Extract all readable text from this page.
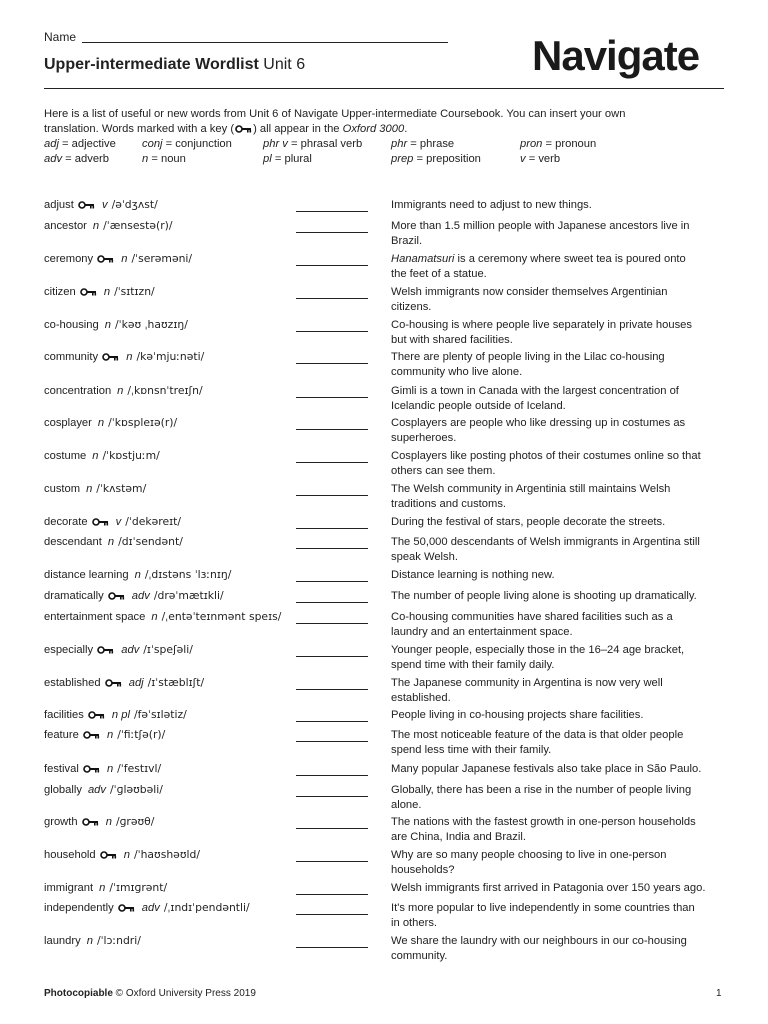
Name
Upper-intermediate Wordlist Unit 6	Navigate
Here is a list of useful or new words from Unit 6 of Navigate Upper-intermediate Coursebook. You can insert your own
translation. Words marked with a key ( ) all appear in the Oxford 3000.
adj = adjective conj = conjunction	phr v = phrasal verb	phr = phrase	pron = pronoun
adv = adverb	n = noun	pl = plural	prep = preposition	v = verb
adjust	v /əˈdʒʌst/	Immigrants need to adjust to new things.
ancestor n /ˈænsestə(r)/	More than 1.5 million people with Japanese ancestors live in
Brazil.
ceremony	n /ˈserəməni/	Hanamatsuri is a ceremony where sweet tea is poured onto
the feet of a statue.
citizen	n /ˈsɪtɪzn/	Welsh immigrants now consider themselves Argentinian
citizens.
co-housing n /ˈkəʊ ˌhaʊzɪŋ/	Co-housing is where people live separately in private houses
but with shared facilities.
community	n /kəˈmjuːnəti/	There are plenty of people living in the Lilac co-housing
community who live alone.
concentration n /ˌkɒnsnˈtreɪʃn/	Gimli is a town in Canada with the largest concentration of
Icelandic people outside of Iceland.
cosplayer n /ˈkɒspleɪə(r)/	Cosplayers are people who like dressing up in costumes as
superheroes.
costume n /ˈkɒstjuːm/	Cosplayers like posting photos of their costumes online so that
others can see them.
custom n /ˈkʌstəm/	The Welsh community in Argentinia still maintains Welsh
traditions and customs.
decorate	v /ˈdekəreɪt/	During the festival of stars, people decorate the streets.
descendant n /dɪˈsendənt/	The 50,000 descendants of Welsh immigrants in Argentina still
speak Welsh.
distance learning n /ˌdɪstəns ˈlɜːnɪŋ/	Distance learning is nothing new.
dramatically	adv /drəˈmætɪkli/	The number of people living alone is shooting up dramatically.
entertainment space n /ˌentəˈteɪnmənt speɪs/	Co-housing communities have shared facilities such as a
laundry and an entertainment space.
especially	adv /ɪˈspeʃəli/	Younger people, especially those in the 16–24 age bracket,
spend time with their family daily.
established	adj /ɪˈstæblɪʃt/	The Japanese community in Argentina is now very well
established.
facilities	n pl /fəˈsɪlətiz/	People living in co-housing projects share facilities.
feature	n /ˈfiːtʃə(r)/	The most noticeable feature of the data is that older people
spend less time with their family.
festival	n /ˈfestɪvl/	Many popular Japanese festivals also take place in São Paulo.
globally adv /ˈɡləʊbəli/	Globally, there has been a rise in the number of people living
alone.
growth	n /ɡrəʊθ/	The nations with the fastest growth in one-person households
are China, India and Brazil.
household	n /ˈhaʊshəʊld/	Why are so many people choosing to live in one-person
households?
immigrant n /ˈɪmɪɡrənt/	Welsh immigrants first arrived in Patagonia over 150 years ago.
independently	adv /ˌɪndɪˈpendəntli/	It's more popular to live independently in some countries than
in others.
laundry n /ˈlɔːndri/	We share the laundry with our neighbours in our co-housing
community.
Photocopiable © Oxford University Press 2019	1
